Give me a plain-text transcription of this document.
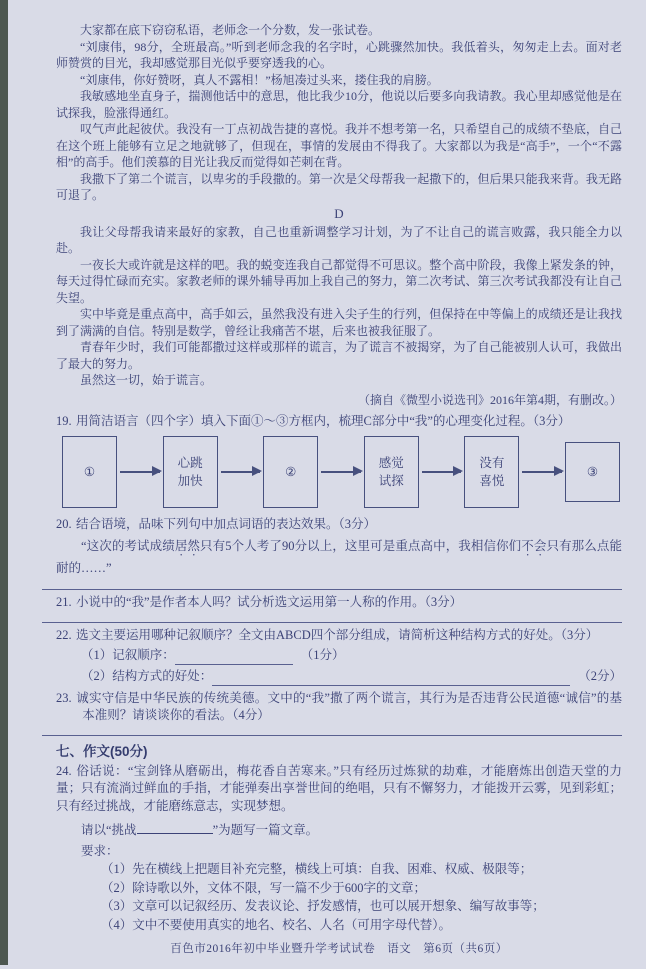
大家都在底下窃窃私语，老师念一个分数，发一张试卷。

“刘康伟，98分，全班最高。”听到老师念我的名字时，心跳骤然加快。我低着头，匆匆走上去。面对老师赞赏的目光，我却感觉那目光似乎要穿透我的心。

“刘康伟，你好赞呀，真人不露相！”杨旭凑过头来，搂住我的肩膀。

我敏感地坐直身子，揣测他话中的意思，他比我少10分，他说以后要多向我请教。我心里却感觉他是在试探我，脸涨得通红。

叹气声此起彼伏。我没有一丁点初战告捷的喜悦。我并不想考第一名，只希望自己的成绩不垫底，自己在这个班上能够有立足之地就够了，但现在，事情的发展由不得我了。大家都以为我是“高手”，一个“不露相”的高手。他们羡慕的目光让我反而觉得如芒刺在背。

我撒下了第二个谎言，以卑劣的手段撒的。第一次是父母帮我一起撒下的，但后果只能我来背。我无路可退了。

D

我让父母帮我请来最好的家教，自己也重新调整学习计划，为了不让自己的谎言败露，我只能全力以赴。

一夜长大或许就是这样的吧。我的蜕变连我自己都觉得不可思议。整个高中阶段，我像上紧发条的钟，每天过得忙碌而充实。家教老师的课外辅导再加上我自己的努力，第二次考试、第三次考试我都没有让自己失望。

实中毕竟是重点高中，高手如云，虽然我没有进入尖子生的行列，但保持在中等偏上的成绩还是让我找到了满满的自信。特别是数学，曾经让我痛苦不堪，后来也被我征服了。

青春年少时，我们可能都撒过这样或那样的谎言，为了谎言不被揭穿，为了自己能被别人认可，我做出了最大的努力。

虽然这一切，始于谎言。

（摘自《微型小说选刊》2016年第4期，有删改。）

19. 用简洁语言（四个字）填入下面①～③方框内，梳理C部分中“我”的心理变化过程。（3分）

①
心跳
加快
②
感觉
试探
没有
喜悦
③

20. 结合语境，品味下列句中加点词语的表达效果。（3分）

“这次的考试成绩居然只有5个人考了90分以上，这里可是重点高中，我相信你们不会只有那么点能耐的……”

21. 小说中的“我”是作者本人吗？试分析选文运用第一人称的作用。（3分）

22. 选文主要运用哪种记叙顺序？全文由ABCD四个部分组成，请简析这种结构方式的好处。（3分）

（1）记叙顺序：	（1分）
（2）结构方式的好处：	（2分）

23. 诚实守信是中华民族的传统美德。文中的“我”撒了两个谎言，其行为是否违背公民道德“诚信”的基本准则？请谈谈你的看法。（4分）

七、作文(50分)

24. 俗话说：“宝剑锋从磨砺出，梅花香自苦寒来。”只有经历过炼狱的劫难，才能磨炼出创造天堂的力量；只有流淌过鲜血的手指，才能弹奏出享誉世间的绝唱，只有不懈努力，才能拨开云雾，见到彩虹；只有经过挑战，才能磨练意志，实现梦想。

请以“挑战	”为题写一篇文章。

要求：

（1）先在横线上把题目补充完整，横线上可填：自我、困难、权威、极限等；

（2）除诗歌以外，文体不限，写一篇不少于600字的文章；

（3）文章可以记叙经历、发表议论、抒发感情，也可以展开想象、编写故事等；

（4）文中不要使用真实的地名、校名、人名（可用字母代替）。

百色市2016年初中毕业暨升学考试试卷　语文　第6页（共6页）
